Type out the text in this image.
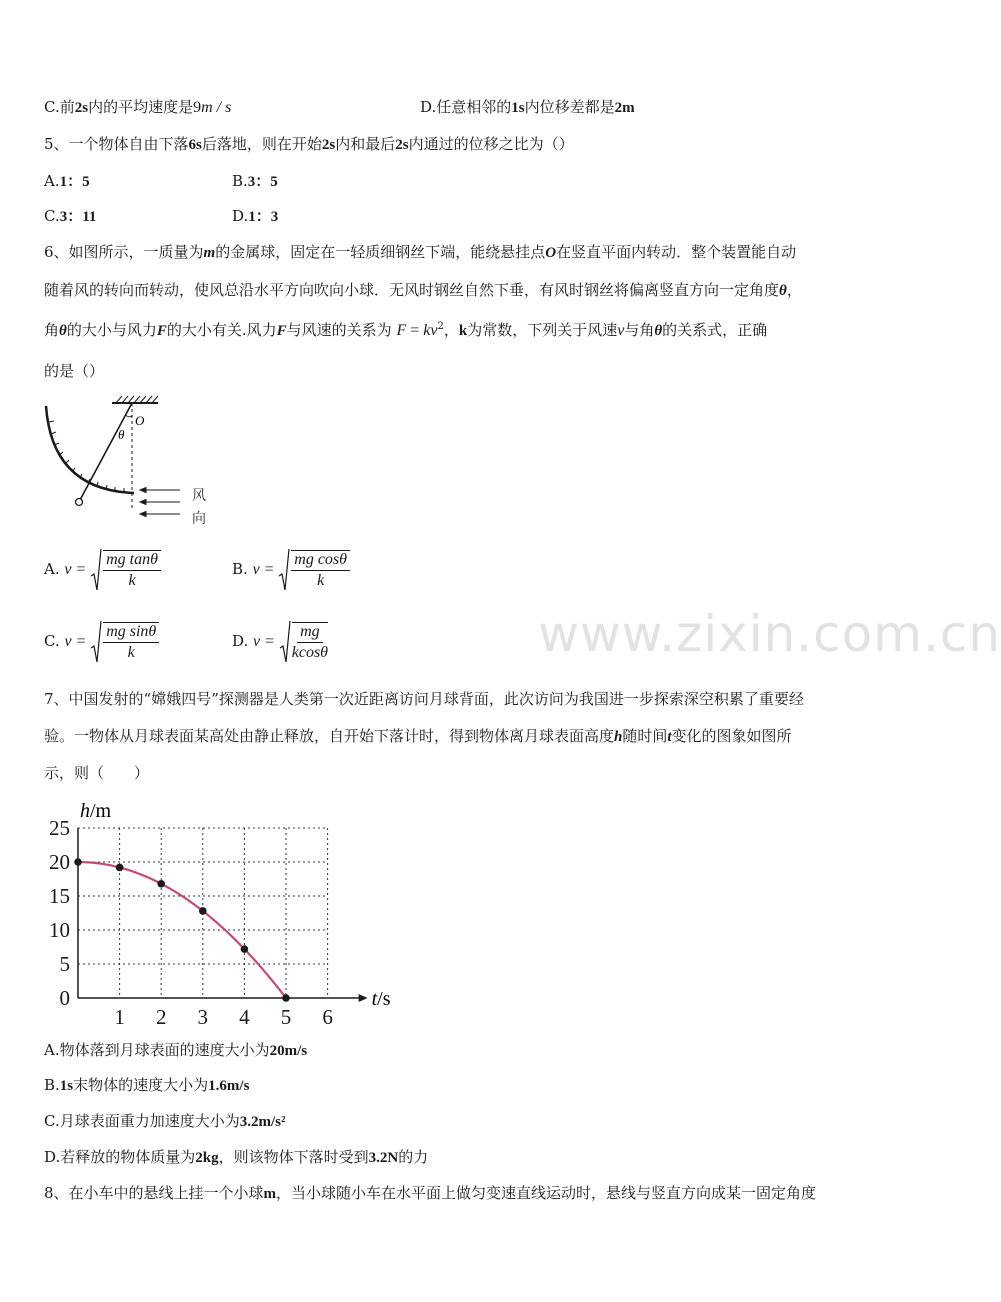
C.前2s内的平均速度是9m / s	D.任意相邻的1s内位移差都是2m
5、一个物体自由下落6s后落地，则在开始2s内和最后2s内通过的位移之比为（）
A.1：5	B.3：5
C.3：11	D.1：3
6、如图所示，一质量为m的金属球，固定在一轻质细钢丝下端，能绕悬挂点O在竖直平面内转动．整个装置能自动
随着风的转向而转动，使风总沿水平方向吹向小球．无风时钢丝自然下垂，有风时钢丝将偏离竖直方向一定角度θ，
角θ的大小与风力F的大小有关.风力F与风速的关系为 $F = kv^2$，k为常数，下列关于风速v与角θ的关系式，正确
的是（）
O
θ
风
向
A. $v = \frac{\text{mg tanθ}}{k}$	B. $v = \frac{\text{mg cosθ}}{k}$
C. $v = \frac{\text{mg sinθ}}{k}$	D. $v = \frac{mg}{kcos\theta}$	www.zixin.com.cn
7、中国发射的“嫦娥四号”探测器是人类第一次近距离访问月球背面，此次访问为我国进一步探索深空积累了重要经
验。一物体从月球表面某高处由静止释放，自开始下落计时，得到物体离月球表面高度h随时间t变化的图象如图所
示，则（　　）
0
5
10
15
20
25
1 2 3 4 5 6
h/m
t/s
A.物体落到月球表面的速度大小为20m/s
B.1s末物体的速度大小为1.6m/s
C.月球表面重力加速度大小为3.2m/s²
D.若释放的物体质量为2kg，则该物体下落时受到3.2N的力
8、在小车中的悬线上挂一个小球m，当小球随小车在水平面上做匀变速直线运动时，悬线与竖直方向成某一固定角度
